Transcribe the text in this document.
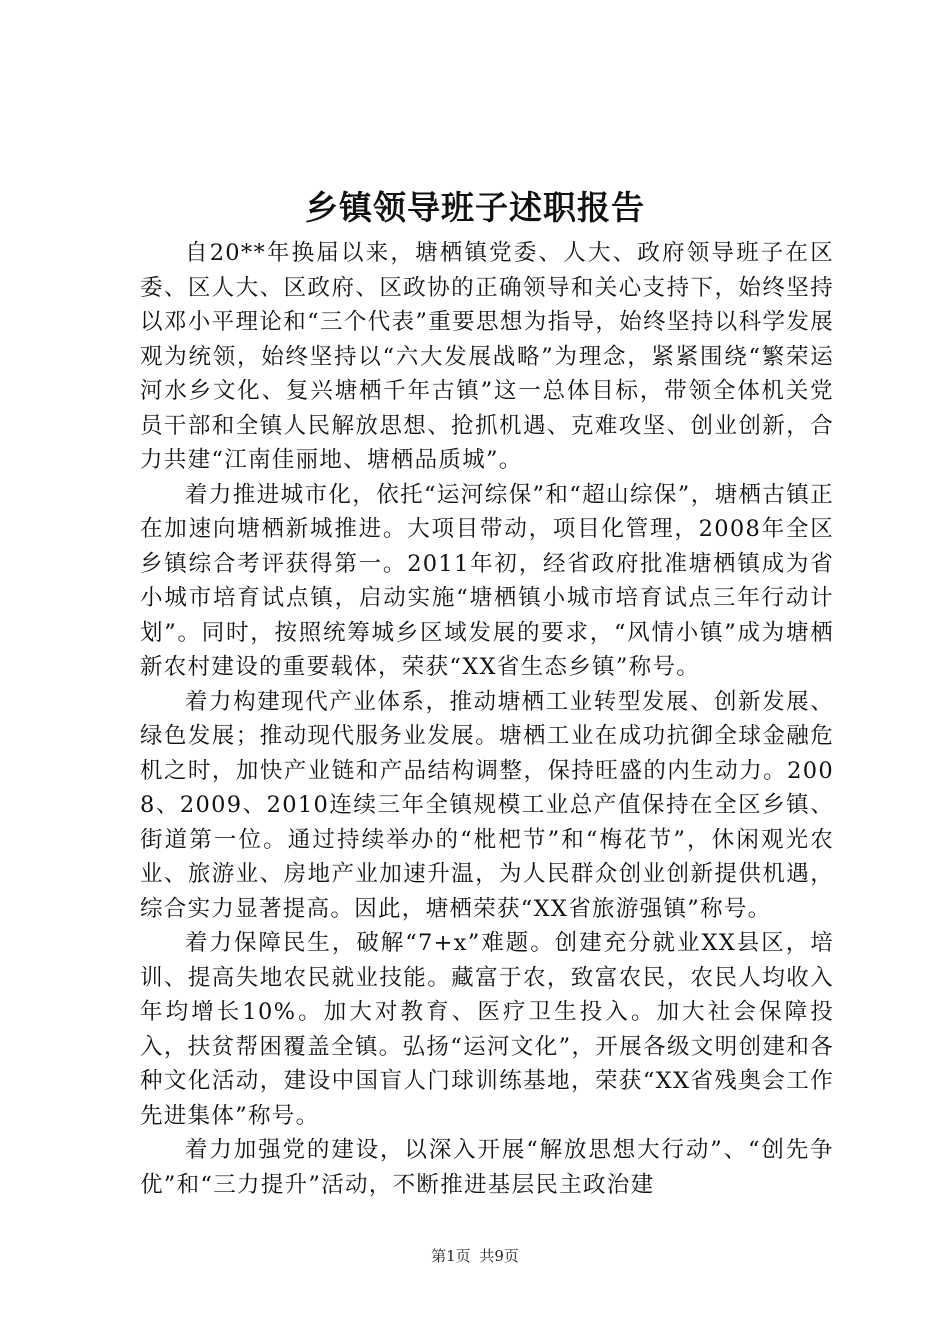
乡镇领导班子述职报告

自20**年换届以来，塘栖镇党委、人大、政府领导班子在区委、区人大、区政府、区政协的正确领导和关心支持下，始终坚持以邓小平理论和“三个代表”重要思想为指导，始终坚持以科学发展观为统领，始终坚持以“六大发展战略”为理念，紧紧围绕“繁荣运河水乡文化、复兴塘栖千年古镇”这一总体目标，带领全体机关党员干部和全镇人民解放思想、抢抓机遇、克难攻坚、创业创新，合力共建“江南佳丽地、塘栖品质城”。

着力推进城市化，依托“运河综保”和“超山综保”，塘栖古镇正在加速向塘栖新城推进。大项目带动，项目化管理，2008年全区乡镇综合考评获得第一。2011年初，经省政府批准塘栖镇成为省小城市培育试点镇，启动实施“塘栖镇小城市培育试点三年行动计划”。同时，按照统筹城乡区域发展的要求，“风情小镇”成为塘栖新农村建设的重要载体，荣获“XX省生态乡镇”称号。

着力构建现代产业体系，推动塘栖工业转型发展、创新发展、绿色发展；推动现代服务业发展。塘栖工业在成功抗御全球金融危机之时，加快产业链和产品结构调整，保持旺盛的内生动力。2008、2009、2010连续三年全镇规模工业总产值保持在全区乡镇、街道第一位。通过持续举办的“枇杷节”和“梅花节”，休闲观光农业、旅游业、房地产业加速升温，为人民群众创业创新提供机遇，综合实力显著提高。因此，塘栖荣获“XX省旅游强镇”称号。

着力保障民生，破解“7+x”难题。创建充分就业XX县区，培训、提高失地农民就业技能。藏富于农，致富农民，农民人均收入年均增长10%。加大对教育、医疗卫生投入。加大社会保障投入，扶贫帮困覆盖全镇。弘扬“运河文化”，开展各级文明创建和各种文化活动，建设中国盲人门球训练基地，荣获“XX省残奥会工作先进集体”称号。

着力加强党的建设，以深入开展“解放思想大行动”、“创先争优”和“三力提升”活动，不断推进基层民主政治建

第1页 共9页
